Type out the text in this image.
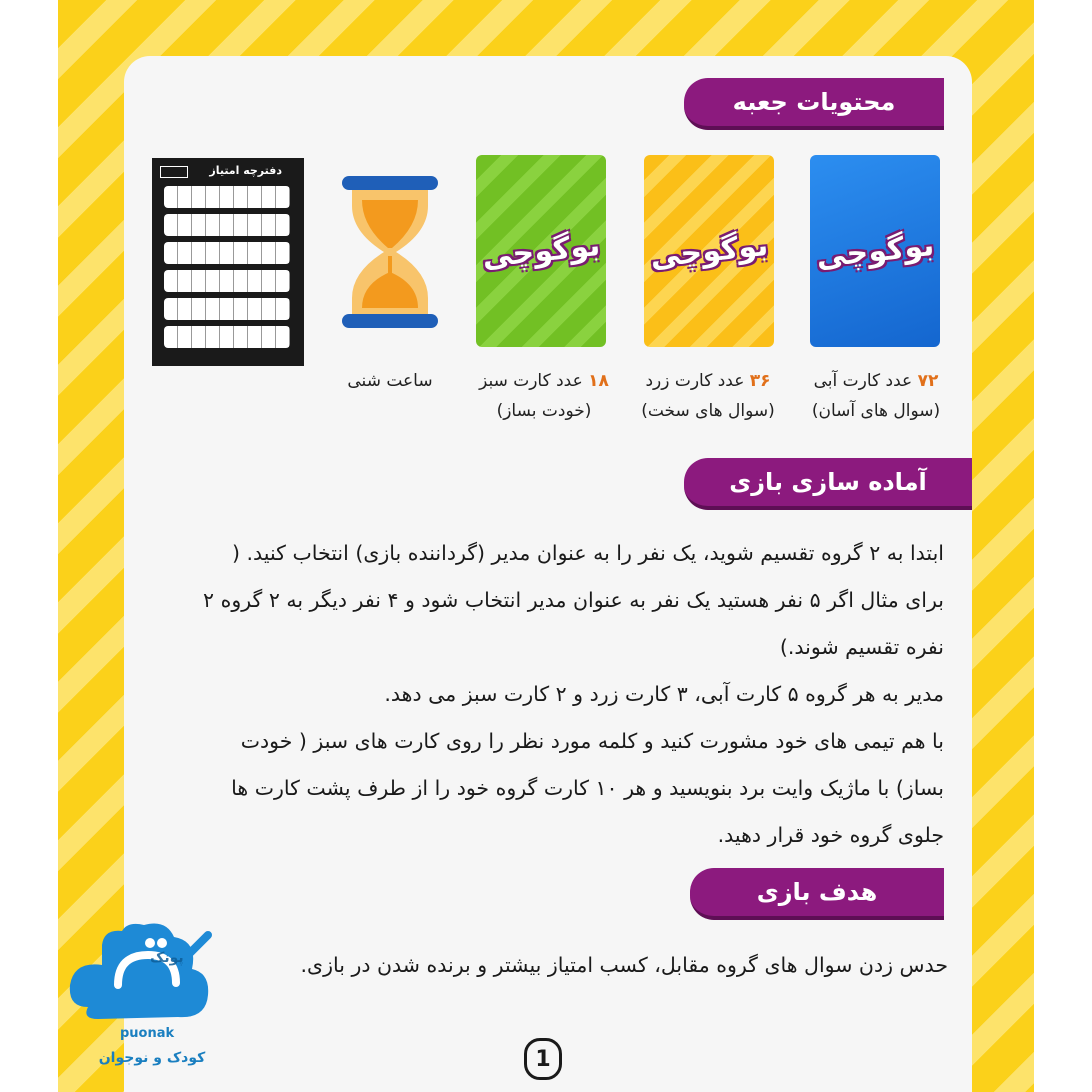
محتویات جعبه
بوگوچی
بوگوچی
بوگوچی
دفترچه امتیاز
۷۲ عدد کارت آبی
(سوال های آسان)
۳۶ عدد کارت زرد
(سوال های سخت)
۱۸ عدد کارت سبز
(خودت بساز)
ساعت شنی
آماده سازی بازی

ابتدا به ۲ گروه تقسیم شوید، یک نفر را به عنوان مدیر (گرداننده بازی) انتخاب کنید. ( برای مثال اگر ۵ نفر هستید یک نفر به عنوان مدیر انتخاب شود و ۴ نفر دیگر به ۲ گروه ۲ نفره تقسیم شوند.)

مدیر به هر گروه ۵ کارت آبی، ۳ کارت زرد و ۲ کارت سبز می دهد.

با هم تیمی های خود مشورت کنید و کلمه مورد نظر را روی کارت های سبز ( خودت بساز) با ماژیک وایت برد بنویسید و هر ۱۰ کارت گروه خود را از طرف پشت کارت ها جلوی گروه خود قرار دهید.

هدف بازی
حدس زدن سوال های گروه مقابل، کسب امتیاز بیشتر و برنده شدن در بازی.
puonak
کودک و نوجوان
پونک
1
